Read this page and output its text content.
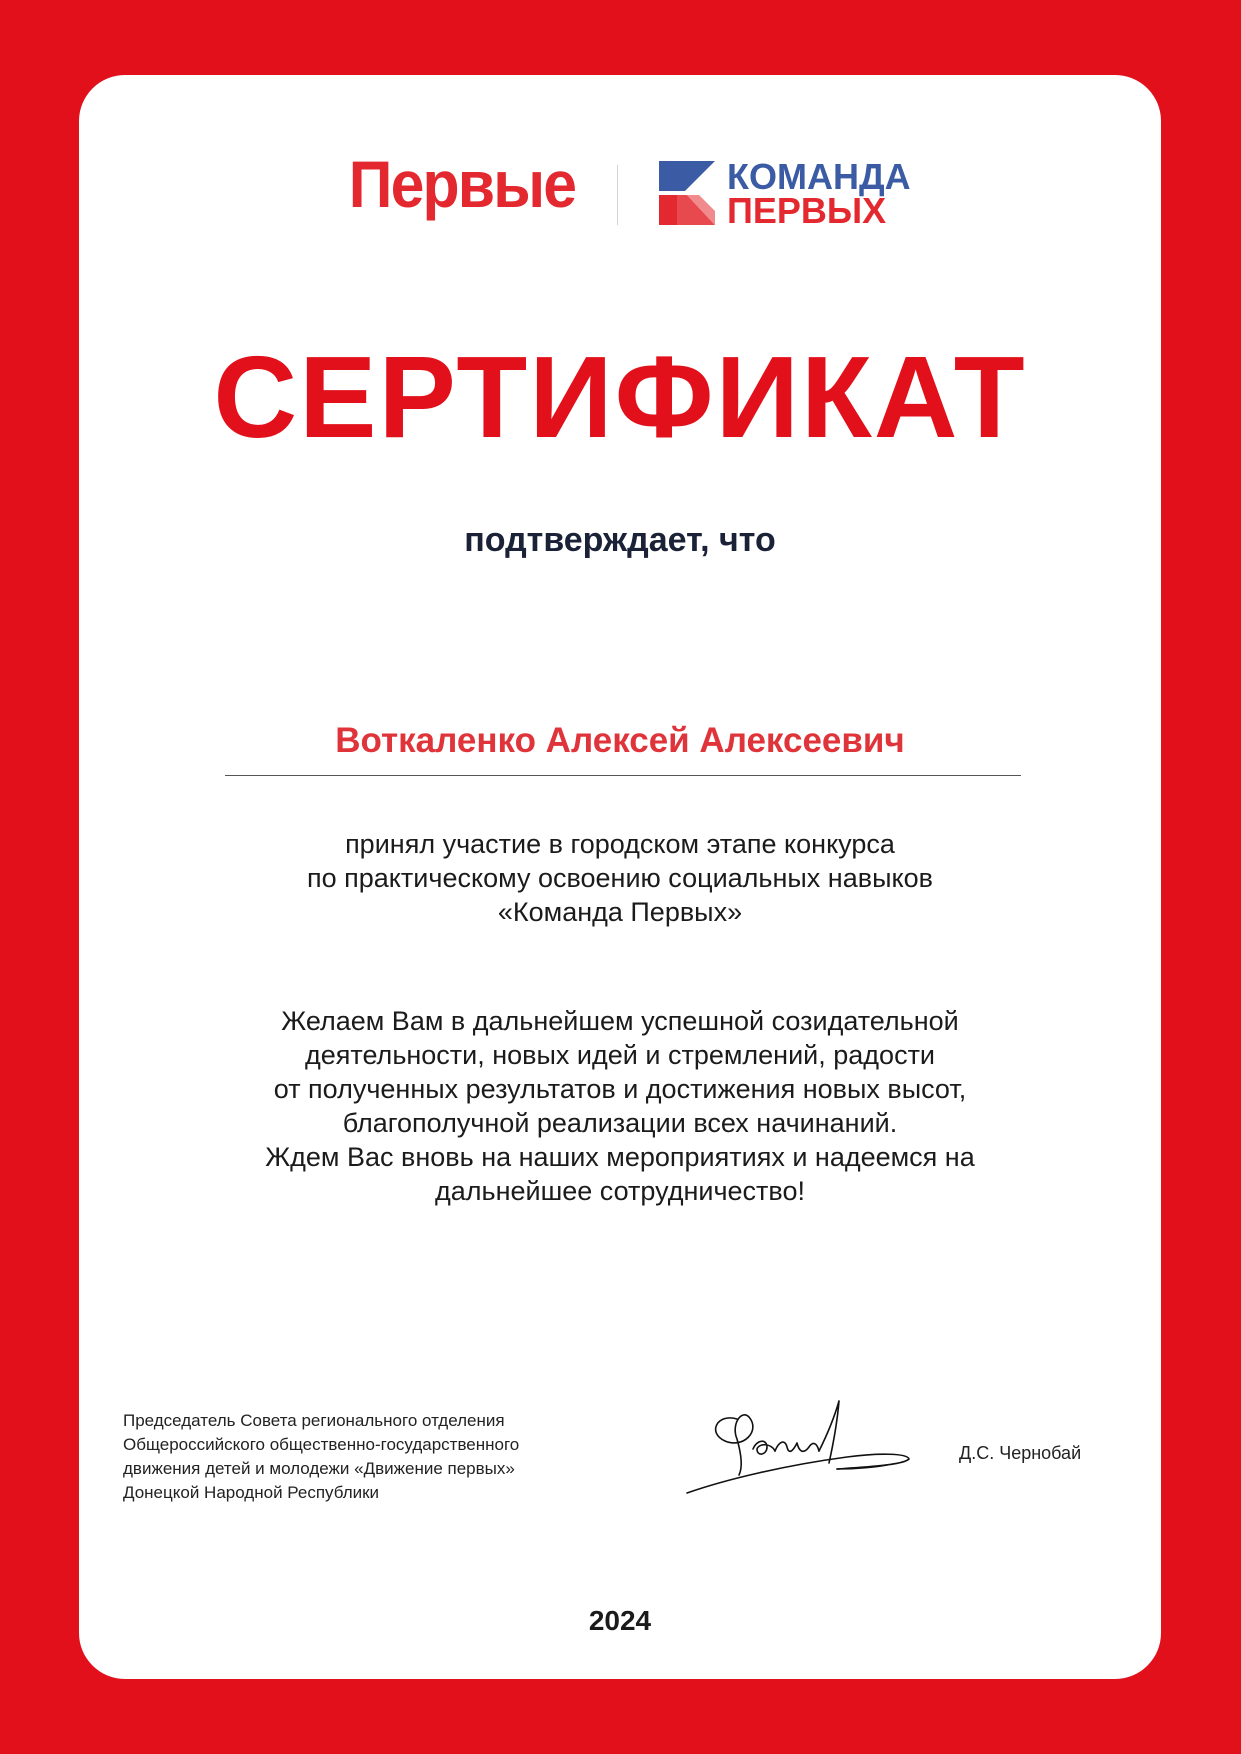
Первые	КОМАНДА
ПЕРВЫХ
СЕРТИФИКАТ
подтверждает, что
Воткаленко Алексей Алексеевич
принял участие в городском этапе конкурса
по практическому освоению социальных навыков
«Команда Первых»
Желаем Вам в дальнейшем успешной созидательной
деятельности, новых идей и стремлений, радости
от полученных результатов и достижения новых высот,
благополучной реализации всех начинаний.
Ждем Вас вновь на наших мероприятиях и надеемся на
дальнейшее сотрудничество!
Председатель Совета регионального отделения
Общероссийского общественно-государственного
движения детей и молодежи «Движение первых»
Донецкой Народной Республики
Д.С. Чернобай
2024
